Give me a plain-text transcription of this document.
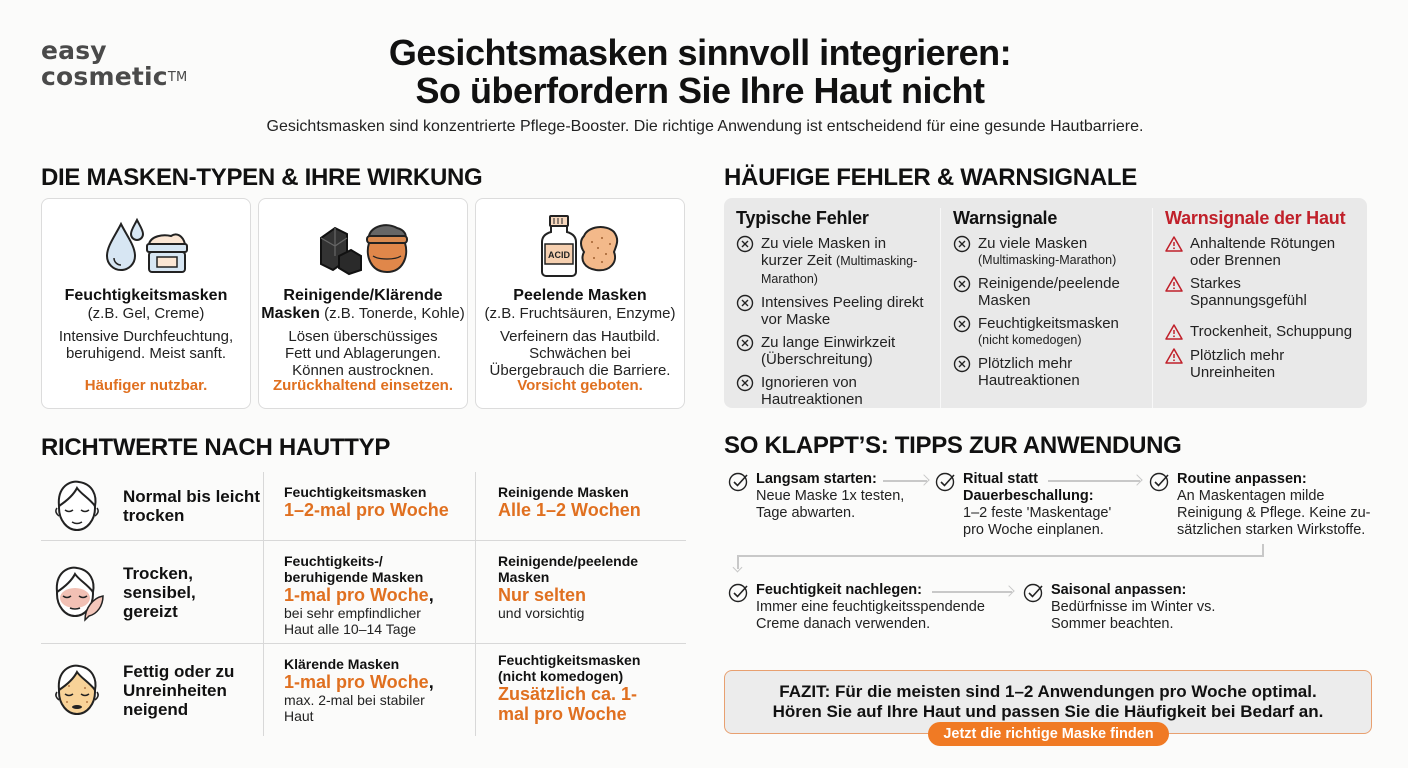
easy
cosmetic™
Gesichtsmasken sinnvoll integrieren:
So überfordern Sie Ihre Haut nicht
Gesichtsmasken sind konzentrierte Pflege-Booster. Die richtige Anwendung ist entscheidend für eine gesunde Hautbarriere.
DIE MASKEN-TYPEN & IHRE WIRKUNG
Feuchtigkeitsmasken
(z.B. Gel, Creme)
Intensive Durchfeuchtung, beruhigend. Meist sanft.
Häufiger nutzbar.
Reinigende/Klärende
Masken (z.B. Tonerde, Kohle)
Lösen überschüssiges Fett und Ablagerungen. Können austrocknen.
Zurückhaltend einsetzen.
ACID
Peelende Masken
(z.B. Fruchtsäuren, Enzyme)
Verfeinern das Hautbild. Schwächen bei Übergebrauch die Barriere.
Vorsicht geboten.
RICHTWERTE NACH HAUTTYP
Normal bis leicht trocken
Feuchtigkeitsmasken
1–2-mal pro Woche
Reinigende Masken
Alle 1–2 Wochen
Trocken, sensibel, gereizt
Feuchtigkeits-/ beruhigende Masken
1-mal pro Woche,
bei sehr empfindlicher Haut alle 10–14 Tage
Reinigende/peelende Masken
Nur selten
und vorsichtig
Fettig oder zu Unreinheiten neigend
Klärende Masken
1-mal pro Woche,
max. 2-mal bei stabiler Haut
Feuchtigkeitsmasken (nicht komedogen)
Zusätzlich ca. 1-mal pro Woche
HÄUFIGE FEHLER & WARNSIGNALE
Typische Fehler
Zu viele Masken in kurzer Zeit (Multimasking-Marathon)
Intensives Peeling direkt vor Maske
Zu lange Einwirkzeit (Überschreitung)
Ignorieren von Hautreaktionen
Warnsignale
Zu viele Masken
(Multimasking-Marathon)
Reinigende/peelende Masken
Feuchtigkeitsmasken
(nicht komedogen)
Plötzlich mehr Hautreaktionen
Warnsignale der Haut
Anhaltende Rötungen oder Brennen
Starkes Spannungsgefühl
Trockenheit, Schuppung
Plötzlich mehr Unreinheiten
SO KLAPPT’S: TIPPS ZUR ANWENDUNG
Langsam starten:
Neue Maske 1x testen, Tage abwarten.
Ritual statt Dauerbeschallung:
1–2 feste 'Maskentage' pro Woche einplanen.
Routine anpassen:
An Maskentagen milde Reinigung & Pflege. Keine zu-sätzlichen starken Wirkstoffe.
Feuchtigkeit nachlegen:
Immer eine feuchtigkeitsspendende Creme danach verwenden.
Saisonal anpassen:
Bedürfnisse im Winter vs. Sommer beachten.
FAZIT: Für die meisten sind 1–2 Anwendungen pro Woche optimal.
Hören Sie auf Ihre Haut und passen Sie die Häufigkeit bei Bedarf an.
Jetzt die richtige Maske finden
